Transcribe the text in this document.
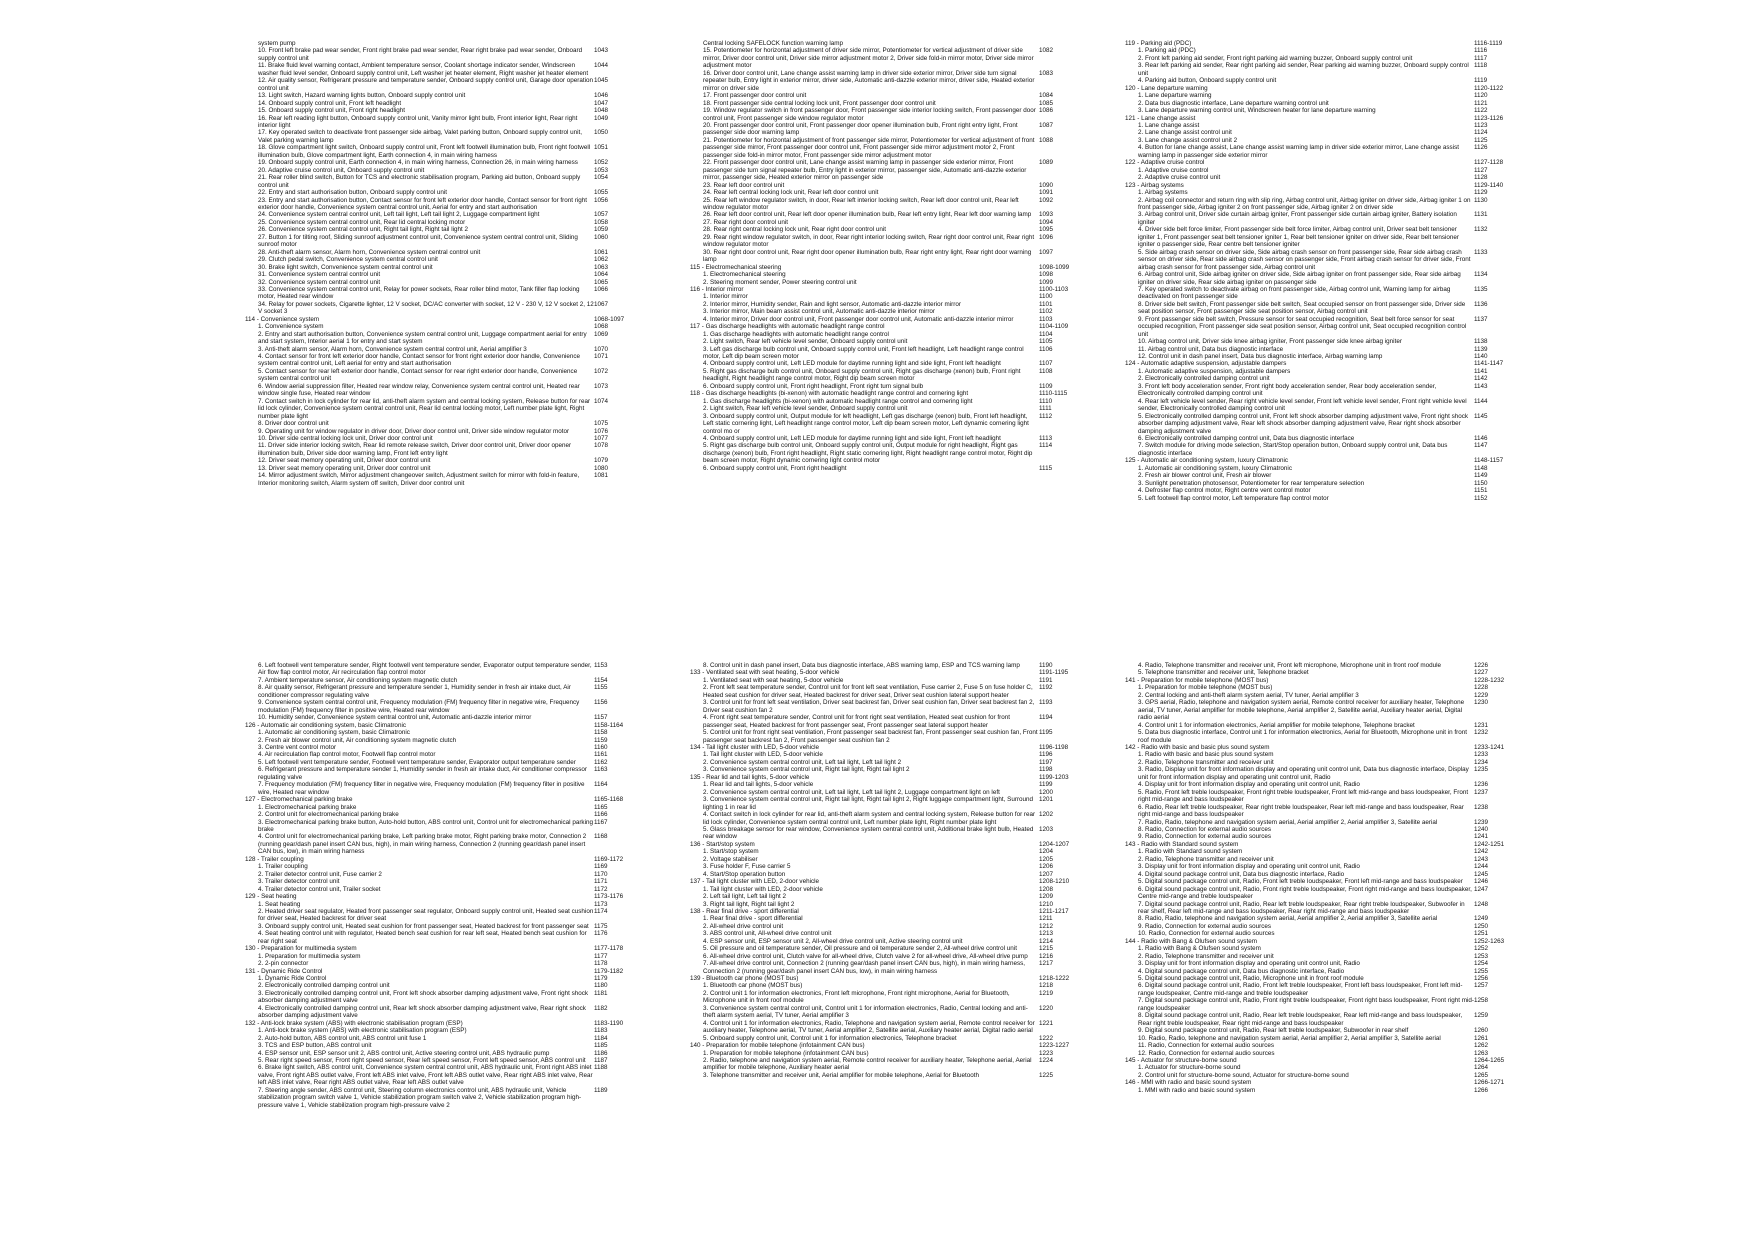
system pump
10. Front left brake pad wear sender, Front right brake pad wear sender, Rear right brake pad wear sender, Onboard supply control unit
1043
11. Brake fluid level warning contact, Ambient temperature sensor, Coolant shortage indicator sender, Windscreen washer fluid level sender, Onboard supply control unit, Left washer jet heater element, Right washer jet heater element
1044
12. Air quality sensor, Refrigerant pressure and temperature sender, Onboard supply control unit, Garage door operation control unit
1045
13. Light switch, Hazard warning lights button, Onboard supply control unit	1046
14. Onboard supply control unit, Front left headlight	1047
15. Onboard supply control unit, Front right headlight	1048
16. Rear left reading light button, Onboard supply control unit, Vanity mirror light bulb, Front interior light, Rear right interior light
1049
17. Key operated switch to deactivate front passenger side airbag, Valet parking button, Onboard supply control unit, Valet parking warning lamp
1050
18. Glove compartment light switch, Onboard supply control unit, Front left footwell illumination bulb, Front right footwell illumination bulb, Glove compartment light, Earth connection 4, in main wiring harness
1051
19. Onboard supply control unit, Earth connection 4, in main wiring harness, Connection 26, in main wiring harness	1052
20. Adaptive cruise control unit, Onboard supply control unit	1053
21. Rear roller blind switch, Button for TCS and electronic stabilisation program, Parking aid button, Onboard supply control unit
1054
22. Entry and start authorisation button, Onboard supply control unit	1055
23. Entry and start authorisation button, Contact sensor for front left exterior door handle, Contact sensor for front right exterior door handle, Convenience system central control unit, Aerial for entry and start authorisation
1056
24. Convenience system central control unit, Left tail light, Left tail light 2, Luggage compartment light	1057
25. Convenience system central control unit, Rear lid central locking motor	1058
26. Convenience system central control unit, Right tail light, Right tail light 2	1059
27. Button 1 for tilting roof, Sliding sunroof adjustment control unit, Convenience system central control unit, Sliding sunroof motor
1060
28. Anti-theft alarm sensor, Alarm horn, Convenience system central control unit	1061
29. Clutch pedal switch, Convenience system central control unit	1062
30. Brake light switch, Convenience system central control unit	1063
31. Convenience system central control unit	1064
32. Convenience system central control unit	1065
33. Convenience system central control unit, Relay for power sockets, Rear roller blind motor, Tank filler flap locking motor, Heated rear window
1066
34. Relay for power sockets, Cigarette lighter, 12 V socket, DC/AC converter with socket, 12 V - 230 V, 12 V socket 2, 12 V socket 3
1067
114 - Convenience system	1068-1097
1. Convenience system	1068
2. Entry and start authorisation button, Convenience system central control unit, Luggage compartment aerial for entry and start system, Interior aerial 1 for entry and start system
1069
3. Anti-theft alarm sensor, Alarm horn, Convenience system central control unit, Aerial amplifier 3	1070
4. Contact sensor for front left exterior door handle, Contact sensor for front right exterior door handle, Convenience system central control unit, Left aerial for entry and start authorisation
1071
5. Contact sensor for rear left exterior door handle, Contact sensor for rear right exterior door handle, Convenience system central control unit
1072
6. Window aerial suppression filter, Heated rear window relay, Convenience system central control unit, Heated rear window single fuse, Heated rear window
1073
7. Contact switch in lock cylinder for rear lid, anti-theft alarm system and central locking system, Release button for rear lid lock cylinder, Convenience system central control unit, Rear lid central locking motor, Left number plate light, Right number plate light
1074
8. Driver door control unit	1075
9. Operating unit for window regulator in driver door, Driver door control unit, Driver side window regulator motor	1076
10. Driver side central locking lock unit, Driver door control unit	1077
11. Driver side interior locking switch, Rear lid remote release switch, Driver door control unit, Driver door opener illumination bulb, Driver side door warning lamp, Front left entry light
1078
12. Driver seat memory operating unit, Driver door control unit	1079
13. Driver seat memory operating unit, Driver door control unit	1080
14. Mirror adjustment switch, Mirror adjustment changeover switch, Adjustment switch for mirror with fold-in feature, Interior monitoring switch, Alarm system off switch, Driver door control unit
1081
Central locking SAFELOCK function warning lamp
15. Potentiometer for horizontal adjustment of driver side mirror, Potentiometer for vertical adjustment of driver side mirror, Driver door control unit, Driver side mirror adjustment motor 2, Driver side fold-in mirror motor, Driver side mirror adjustment motor
1082
16. Driver door control unit, Lane change assist warning lamp in driver side exterior mirror, Driver side turn signal repeater bulb, Entry light in exterior mirror, driver side, Automatic anti-dazzle exterior mirror, driver side, Heated exterior mirror on driver side
1083
17. Front passenger door control unit	1084
18. Front passenger side central locking lock unit, Front passenger door control unit	1085
19. Window regulator switch in front passenger door, Front passenger side interior locking switch, Front passenger door control unit, Front passenger side window regulator motor
1086
20. Front passenger door control unit, Front passenger door opener illumination bulb, Front right entry light, Front passenger side door warning lamp
1087
21. Potentiometer for horizontal adjustment of front passenger side mirror, Potentiometer for vertical adjustment of front passenger side mirror, Front passenger door control unit, Front passenger side mirror adjustment motor 2, Front passenger side fold-in mirror motor, Front passenger side mirror adjustment motor
1088
22. Front passenger door control unit, Lane change assist warning lamp in passenger side exterior mirror, Front passenger side turn signal repeater bulb, Entry light in exterior mirror, passenger side, Automatic anti-dazzle exterior mirror, passenger side, Heated exterior mirror on passenger side
1089
23. Rear left door control unit	1090
24. Rear left central locking lock unit, Rear left door control unit	1091
25. Rear left window regulator switch, in door, Rear left interior locking switch, Rear left door control unit, Rear left window regulator motor
1092
26. Rear left door control unit, Rear left door opener illumination bulb, Rear left entry light, Rear left door warning lamp	1093
27. Rear right door control unit	1094
28. Rear right central locking lock unit, Rear right door control unit	1095
29. Rear right window regulator switch, in door, Rear right interior locking switch, Rear right door control unit, Rear right window regulator motor
1096
30. Rear right door control unit, Rear right door opener illumination bulb, Rear right entry light, Rear right door warning lamp
1097
115 - Electromechanical steering	1098-1099
1. Electromechanical steering	1098
2. Steering moment sender, Power steering control unit	1099
116 - Interior mirror	1100-1103
1. Interior mirror	1100
2. Interior mirror, Humidity sender, Rain and light sensor, Automatic anti-dazzle interior mirror	1101
3. Interior mirror, Main beam assist control unit, Automatic anti-dazzle interior mirror	1102
4. Interior mirror, Driver door control unit, Front passenger door control unit, Automatic anti-dazzle interior mirror	1103
117 - Gas discharge headlights with automatic headlight range control	1104-1109
1. Gas discharge headlights with automatic headlight range control	1104
2. Light switch, Rear left vehicle level sender, Onboard supply control unit	1105
3. Left gas discharge bulb control unit, Onboard supply control unit, Front left headlight, Left headlight range control motor, Left dip beam screen motor
1106
4. Onboard supply control unit, Left LED module for daytime running light and side light, Front left headlight	1107
5. Right gas discharge bulb control unit, Onboard supply control unit, Right gas discharge (xenon) bulb, Front right headlight, Right headlight range control motor, Right dip beam screen motor
1108
6. Onboard supply control unit, Front right headlight, Front right turn signal bulb	1109
118 - Gas discharge headlights (bi-xenon) with automatic headlight range control and cornering light	1110-1115
1. Gas discharge headlights (bi-xenon) with automatic headlight range control and cornering light	1110
2. Light switch, Rear left vehicle level sender, Onboard supply control unit	1111
3. Onboard supply control unit, Output module for left headlight, Left gas discharge (xenon) bulb, Front left headlight, Left static cornering light, Left headlight range control motor, Left dip beam screen motor, Left dynamic cornering light control mo or
1112
4. Onboard supply control unit, Left LED module for daytime running light and side light, Front left headlight	1113
5. Right gas discharge bulb control unit, Onboard supply control unit, Output module for right headlight, Right gas discharge (xenon) bulb, Front right headlight, Right static cornering light, Right headlight range control motor, Right dip beam screen motor, Right dynamic cornering light control motor
1114
6. Onboard supply control unit, Front right headlight	1115
119 - Parking aid (PDC)	1116-1119
1. Parking aid (PDC)	1116
2. Front left parking aid sender, Front right parking aid warning buzzer, Onboard supply control unit	1117
3. Rear left parking aid sender, Rear right parking aid sender, Rear parking aid warning buzzer, Onboard supply control unit
1118
4. Parking aid button, Onboard supply control unit	1119
120 - Lane departure warning	1120-1122
1. Lane departure warning	1120
2. Data bus diagnostic interface, Lane departure warning control unit	1121
3. Lane departure warning control unit, Windscreen heater for lane departure warning	1122
121 - Lane change assist	1123-1126
1. Lane change assist	1123
2. Lane change assist control unit	1124
3. Lane change assist control unit 2	1125
4. Button for lane change assist, Lane change assist warning lamp in driver side exterior mirror, Lane change assist warning lamp in passenger side exterior mirror
1126
122 - Adaptive cruise control	1127-1128
1. Adaptive cruise control	1127
2. Adaptive cruise control unit	1128
123 - Airbag systems	1129-1140
1. Airbag systems	1129
2. Airbag coil connector and return ring with slip ring, Airbag control unit, Airbag igniter on driver side, Airbag igniter 1 on front passenger side, Airbag igniter 2 on front passenger side, Airbag igniter 2 on driver side
1130
3. Airbag control unit, Driver side curtain airbag igniter, Front passenger side curtain airbag igniter, Battery isolation igniter
1131
4. Driver side belt force limiter, Front passenger side belt force limiter, Airbag control unit, Driver seat belt tensioner igniter 1, Front passenger seat belt tensioner igniter 1, Rear belt tensioner igniter on driver side, Rear belt tensioner igniter o passenger side, Rear centre belt tensioner igniter
1132
5. Side airbag crash sensor on driver side, Side airbag crash sensor on front passenger side, Rear side airbag crash sensor on driver side, Rear side airbag crash sensor on passenger side, Front airbag crash sensor for driver side, Front airbag crash sensor for front passenger side, Airbag control unit
1133
6. Airbag control unit, Side airbag igniter on driver side, Side airbag igniter on front passenger side, Rear side airbag igniter on driver side, Rear side airbag igniter on passenger side
1134
7. Key operated switch to deactivate airbag on front passenger side, Airbag control unit, Warning lamp for airbag deactivated on front passenger side
1135
8. Driver side belt switch, Front passenger side belt switch, Seat occupied sensor on front passenger side, Driver side seat position sensor, Front passenger side seat position sensor, Airbag control unit
1136
9. Front passenger side belt switch, Pressure sensor for seat occupied recognition, Seat belt force sensor for seat occupied recognition, Front passenger side seat position sensor, Airbag control unit, Seat occupied recognition control unit
1137
10. Airbag control unit, Driver side knee airbag igniter, Front passenger side knee airbag igniter	1138
11. Airbag control unit, Data bus diagnostic interface	1139
12. Control unit in dash panel insert, Data bus diagnostic interface, Airbag warning lamp	1140
124 - Automatic adaptive suspension, adjustable dampers	1141-1147
1. Automatic adaptive suspension, adjustable dampers	1141
2. Electronically controlled damping control unit	1142
3. Front left body acceleration sender, Front right body acceleration sender, Rear body acceleration sender, Electronically controlled damping control unit
1143
4. Rear left vehicle level sender, Rear right vehicle level sender, Front left vehicle level sender, Front right vehicle level sender, Electronically controlled damping control unit
1144
5. Electronically controlled damping control unit, Front left shock absorber damping adjustment valve, Front right shock absorber damping adjustment valve, Rear left shock absorber damping adjustment valve, Rear right shock absorber damping adjustment valve
1145
6. Electronically controlled damping control unit, Data bus diagnostic interface	1146
7. Switch module for driving mode selection, Start/Stop operation button, Onboard supply control unit, Data bus diagnostic interface
1147
125 - Automatic air conditioning system, luxury Climatronic	1148-1157
1. Automatic air conditioning system, luxury Climatronic	1148
2. Fresh air blower control unit, Fresh air blower	1149
3. Sunlight penetration photosensor, Potentiometer for rear temperature selection	1150
4. Defroster flap control motor, Right centre vent control motor	1151
5. Left footwell flap control motor, Left temperature flap control motor	1152
6. Left footwell vent temperature sender, Right footwell vent temperature sender, Evaporator output temperature sender, Air flow flap control motor, Air recirculation flap control motor
1153
7. Ambient temperature sensor, Air conditioning system magnetic clutch	1154
8. Air quality sensor, Refrigerant pressure and temperature sender 1, Humidity sender in fresh air intake duct, Air conditioner compressor regulating valve
1155
9. Convenience system central control unit, Frequency modulation (FM) frequency filter in negative wire, Frequency modulation (FM) frequency filter in positive wire, Heated rear window
1156
10. Humidity sender, Convenience system central control unit, Automatic anti-dazzle interior mirror	1157
126 - Automatic air conditioning system, basic Climatronic	1158-1164
1. Automatic air conditioning system, basic Climatronic	1158
2. Fresh air blower control unit, Air conditioning system magnetic clutch	1159
3. Centre vent control motor	1160
4. Air recirculation flap control motor, Footwell flap control motor	1161
5. Left footwell vent temperature sender, Footwell vent temperature sender, Evaporator output temperature sender	1162
6. Refrigerant pressure and temperature sender 1, Humidity sender in fresh air intake duct, Air conditioner compressor regulating valve
1163
7. Frequency modulation (FM) frequency filter in negative wire, Frequency modulation (FM) frequency filter in positive wire, Heated rear window
1164
127 - Electromechanical parking brake	1165-1168
1. Electromechanical parking brake	1165
2. Control unit for electromechanical parking brake	1166
3. Electromechanical parking brake button, Auto-hold button, ABS control unit, Control unit for electromechanical parking brake
1167
4. Control unit for electromechanical parking brake, Left parking brake motor, Right parking brake motor, Connection 2 (running gear/dash panel insert CAN bus, high), in main wiring harness, Connection 2 (running gear/dash panel insert CAN bus, low), in main wiring harness
1168
128 - Trailer coupling	1169-1172
1. Trailer coupling	1169
2. Trailer detector control unit, Fuse carrier 2	1170
3. Trailer detector control unit	1171
4. Trailer detector control unit, Trailer socket	1172
129 - Seat heating	1173-1176
1. Seat heating	1173
2. Heated driver seat regulator, Heated front passenger seat regulator, Onboard supply control unit, Heated seat cushion for driver seat, Heated backrest for driver seat
1174
3. Onboard supply control unit, Heated seat cushion for front passenger seat, Heated backrest for front passenger seat 1175
4. Seat heating control unit with regulator, Heated bench seat cushion for rear left seat, Heated bench seat cushion for rear right seat
1176
130 - Preparation for multimedia system	1177-1178
1. Preparation for multimedia system	1177
2. 2-pin connector	1178
131 - Dynamic Ride Control	1179-1182
1. Dynamic Ride Control	1179
2. Electronically controlled damping control unit	1180
3. Electronically controlled damping control unit, Front left shock absorber damping adjustment valve, Front right shock absorber damping adjustment valve
1181
4. Electronically controlled damping control unit, Rear left shock absorber damping adjustment valve, Rear right shock absorber damping adjustment valve
1182
132 - Anti-lock brake system (ABS) with electronic stabilisation program (ESP)	1183-1190
1. Anti-lock brake system (ABS) with electronic stabilisation program (ESP)	1183
2. Auto-hold button, ABS control unit, ABS control unit fuse 1	1184
3. TCS and ESP button, ABS control unit	1185
4. ESP sensor unit, ESP sensor unit 2, ABS control unit, Active steering control unit, ABS hydraulic pump	1186
5. Rear right speed sensor, Front right speed sensor, Rear left speed sensor, Front left speed sensor, ABS control unit	1187
6. Brake light switch, ABS control unit, Convenience system central control unit, ABS hydraulic unit, Front right ABS inlet valve, Front right ABS outlet valve, Front left ABS inlet valve, Front left ABS outlet valve, Rear right ABS inlet valve, Rear left ABS inlet valve, Rear right ABS outlet valve, Rear left ABS outlet valve
1188
7. Steering angle sender, ABS control unit, Steering column electronics control unit, ABS hydraulic unit, Vehicle stabilization program switch valve 1, Vehicle stabilization program switch valve 2, Vehicle stabilization program high-pressure valve 1, Vehicle stabilization program high-pressure valve 2
1189
8. Control unit in dash panel insert, Data bus diagnostic interface, ABS warning lamp, ESP and TCS warning lamp	1190
133 - Ventilated seat with seat heating, 5-door vehicle	1191-1195
1. Ventilated seat with seat heating, 5-door vehicle	1191
2. Front left seat temperature sender, Control unit for front left seat ventilation, Fuse carrier 2, Fuse 5 on fuse holder C, Heated seat cushion for driver seat, Heated backrest for driver seat, Driver seat cushion lateral support heater
1192
3. Control unit for front left seat ventilation, Driver seat backrest fan, Driver seat cushion fan, Driver seat backrest fan 2, Driver seat cushion fan 2
1193
4. Front right seat temperature sender, Control unit for front right seat ventilation, Heated seat cushion for front passenger seat, Heated backrest for front passenger seat, Front passenger seat lateral support heater
1194
5. Control unit for front right seat ventilation, Front passenger seat backrest fan, Front passenger seat cushion fan, Front passenger seat backrest fan 2, Front passenger seat cushion fan 2
1195
134 - Tail light cluster with LED, 5-door vehicle	1196-1198
1. Tail light cluster with LED, 5-door vehicle	1196
2. Convenience system central control unit, Left tail light, Left tail light 2	1197
3. Convenience system central control unit, Right tail light, Right tail light 2	1198
135 - Rear lid and tail lights, 5-door vehicle	1199-1203
1. Rear lid and tail lights, 5-door vehicle	1199
2. Convenience system central control unit, Left tail light, Left tail light 2, Luggage compartment light on left	1200
3. Convenience system central control unit, Right tail light, Right tail light 2, Right luggage compartment light, Surround lighting 1 in rear lid
1201
4. Contact switch in lock cylinder for rear lid, anti-theft alarm system and central locking system, Release button for rear lid lock cylinder, Convenience system central control unit, Left number plate light, Right number plate light
1202
5. Glass breakage sensor for rear window, Convenience system central control unit, Additional brake light bulb, Heated rear window
1203
136 - Start/stop system	1204-1207
1. Start/stop system	1204
2. Voltage stabiliser	1205
3. Fuse holder F, Fuse carrier 5	1206
4. Start/Stop operation button	1207
137 - Tail light cluster with LED, 2-door vehicle	1208-1210
1. Tail light cluster with LED, 2-door vehicle	1208
2. Left tail light, Left tail light 2	1209
3. Right tail light, Right tail light 2	1210
138 - Rear final drive - sport differential	1211-1217
1. Rear final drive - sport differential	1211
2. All-wheel drive control unit	1212
3. ABS control unit, All-wheel drive control unit	1213
4. ESP sensor unit, ESP sensor unit 2, All-wheel drive control unit, Active steering control unit	1214
5. Oil pressure and oil temperature sender, Oil pressure and oil temperature sender 2, All-wheel drive control unit	1215
6. All-wheel drive control unit, Clutch valve for all-wheel drive, Clutch valve 2 for all-wheel drive, All-wheel drive pump	1216
7. All-wheel drive control unit, Connection 2 (running gear/dash panel insert CAN bus, high), in main wiring harness, Connection 2 (running gear/dash panel insert CAN bus, low), in main wiring harness
1217
139 - Bluetooth car phone (MOST bus)	1218-1222
1. Bluetooth car phone (MOST bus)	1218
2. Control unit 1 for information electronics, Front left microphone, Front right microphone, Aerial for Bluetooth, Microphone unit in front roof module
1219
3. Convenience system central control unit, Control unit 1 for information electronics, Radio, Central locking and anti-theft alarm system aerial, TV tuner, Aerial amplifier 3
1220
4. Control unit 1 for information electronics, Radio, Telephone and navigation system aerial, Remote control receiver for auxiliary heater, Telephone aerial, TV tuner, Aerial amplifier 2, Satellite aerial, Auxiliary heater aerial, Digital radio aerial
1221
5. Onboard supply control unit, Control unit 1 for information electronics, Telephone bracket	1222
140 - Preparation for mobile telephone (infotainment CAN bus)	1223-1227
1. Preparation for mobile telephone (infotainment CAN bus)	1223
2. Radio, telephone and navigation system aerial, Remote control receiver for auxiliary heater, Telephone aerial, Aerial amplifier for mobile telephone, Auxiliary heater aerial
1224
3. Telephone transmitter and receiver unit, Aerial amplifier for mobile telephone, Aerial for Bluetooth	1225
4. Radio, Telephone transmitter and receiver unit, Front left microphone, Microphone unit in front roof module	1226
5. Telephone transmitter and receiver unit, Telephone bracket	1227
141 - Preparation for mobile telephone (MOST bus)	1228-1232
1. Preparation for mobile telephone (MOST bus)	1228
2. Central locking and anti-theft alarm system aerial, TV tuner, Aerial amplifier 3	1229
3. GPS aerial, Radio, telephone and navigation system aerial, Remote control receiver for auxiliary heater, Telephone aerial, TV tuner, Aerial amplifier for mobile telephone, Aerial amplifier 2, Satellite aerial, Auxiliary heater aerial, Digital radio aerial
1230
4. Control unit 1 for information electronics, Aerial amplifier for mobile telephone, Telephone bracket	1231
5. Data bus diagnostic interface, Control unit 1 for information electronics, Aerial for Bluetooth, Microphone unit in front roof module
1232
142 - Radio with basic and basic plus sound system	1233-1241
1. Radio with basic and basic plus sound system	1233
2. Radio, Telephone transmitter and receiver unit	1234
3. Radio, Display unit for front information display and operating unit control unit, Data bus diagnostic interface, Display unit for front information display and operating unit control unit, Radio
1235
4. Display unit for front information display and operating unit control unit, Radio	1236
5. Radio, Front left treble loudspeaker, Front right treble loudspeaker, Front left mid-range and bass loudspeaker, Front right mid-range and bass loudspeaker
1237
6. Radio, Rear left treble loudspeaker, Rear right treble loudspeaker, Rear left mid-range and bass loudspeaker, Rear right mid-range and bass loudspeaker
1238
7. Radio, Radio, telephone and navigation system aerial, Aerial amplifier 2, Aerial amplifier 3, Satellite aerial	1239
8. Radio, Connection for external audio sources	1240
9. Radio, Connection for external audio sources	1241
143 - Radio with Standard sound system	1242-1251
1. Radio with Standard sound system	1242
2. Radio, Telephone transmitter and receiver unit	1243
3. Display unit for front information display and operating unit control unit, Radio	1244
4. Digital sound package control unit, Data bus diagnostic interface, Radio	1245
5. Digital sound package control unit, Radio, Front left treble loudspeaker, Front left mid-range and bass loudspeaker	1246
6. Digital sound package control unit, Radio, Front right treble loudspeaker, Front right mid-range and bass loudspeaker, Centre mid-range and treble loudspeaker
1247
7. Digital sound package control unit, Radio, Rear left treble loudspeaker, Rear right treble loudspeaker, Subwoofer in rear shelf, Rear left mid-range and bass loudspeaker, Rear right mid-range and bass loudspeaker
1248
8. Radio, Radio, telephone and navigation system aerial, Aerial amplifier 2, Aerial amplifier 3, Satellite aerial	1249
9. Radio, Connection for external audio sources	1250
10. Radio, Connection for external audio sources	1251
144 - Radio with Bang & Olufsen sound system	1252-1263
1. Radio with Bang & Olufsen sound system	1252
2. Radio, Telephone transmitter and receiver unit	1253
3. Display unit for front information display and operating unit control unit, Radio	1254
4. Digital sound package control unit, Data bus diagnostic interface, Radio	1255
5. Digital sound package control unit, Radio, Microphone unit in front roof module	1256
6. Digital sound package control unit, Radio, Front left treble loudspeaker, Front left bass loudspeaker, Front left mid-range loudspeaker, Centre mid-range and treble loudspeaker
1257
7. Digital sound package control unit, Radio, Front right treble loudspeaker, Front right bass loudspeaker, Front right mid-range loudspeaker
1258
8. Digital sound package control unit, Radio, Rear left treble loudspeaker, Rear left mid-range and bass loudspeaker, Rear right treble loudspeaker, Rear right mid-range and bass loudspeaker
1259
9. Digital sound package control unit, Radio, Rear left treble loudspeaker, Subwoofer in rear shelf	1260
10. Radio, Radio, telephone and navigation system aerial, Aerial amplifier 2, Aerial amplifier 3, Satellite aerial	1261
11. Radio, Connection for external audio sources	1262
12. Radio, Connection for external audio sources	1263
145 - Actuator for structure-borne sound	1264-1265
1. Actuator for structure-borne sound	1264
2. Control unit for structure-borne sound, Actuator for structure-borne sound	1265
146 - MMI with radio and basic sound system	1266-1271
1. MMI with radio and basic sound system	1266
